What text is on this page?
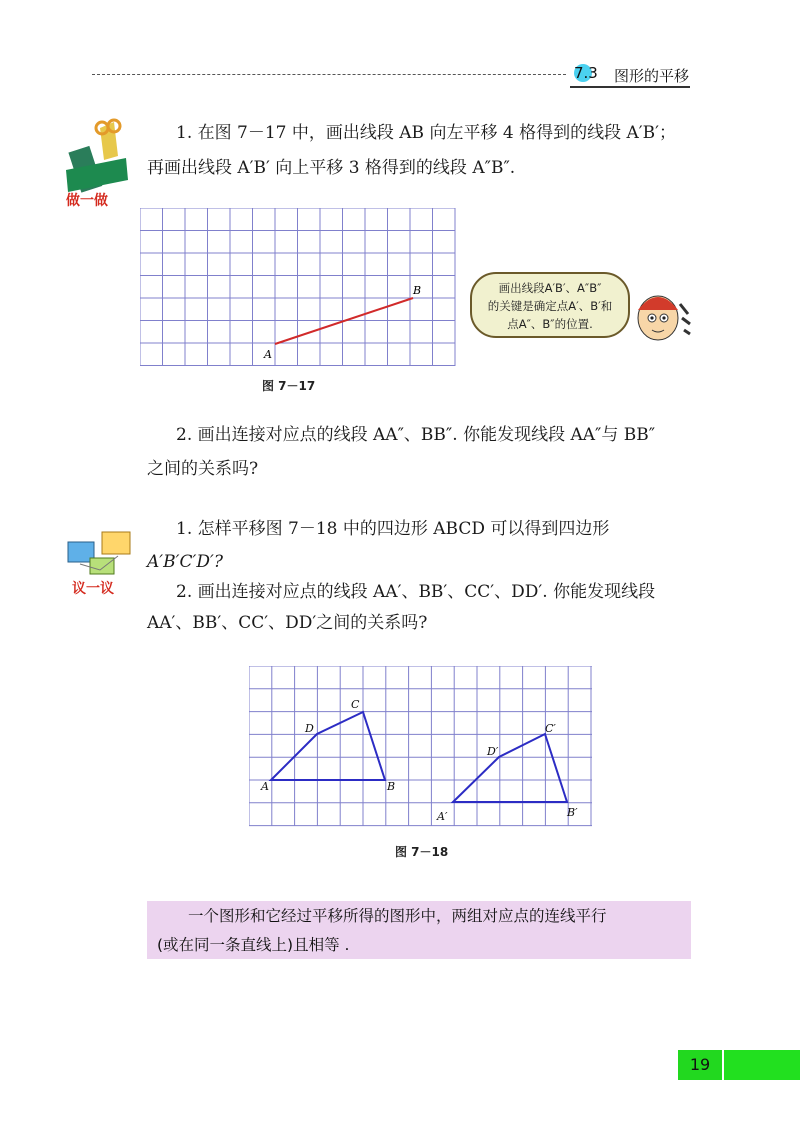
7.3 图形的平移
做一做
1. 在图 7－17 中，画出线段 AB 向左平移 4 格得到的线段 A′B′；
再画出线段 A′B′ 向上平移 3 格得到的线段 A″B″.
A
B
图 7－17
画出线段A′B′、A″B″
的关键是确定点A′、B′和
点A″、B″的位置.
2. 画出连接对应点的线段 AA″、BB″. 你能发现线段 AA″与 BB″
之间的关系吗?
议一议
1. 怎样平移图 7－18 中的四边形 ABCD 可以得到四边形
A′B′C′D′?
2. 画出连接对应点的线段 AA′、BB′、CC′、DD′. 你能发现线段
AA′、BB′、CC′、DD′之间的关系吗?
A	B
C
D
A′	B′
C′
D′
图 7－18
一个图形和它经过平移所得的图形中，两组对应点的连线平行
(或在同一条直线上)且相等 .
19
